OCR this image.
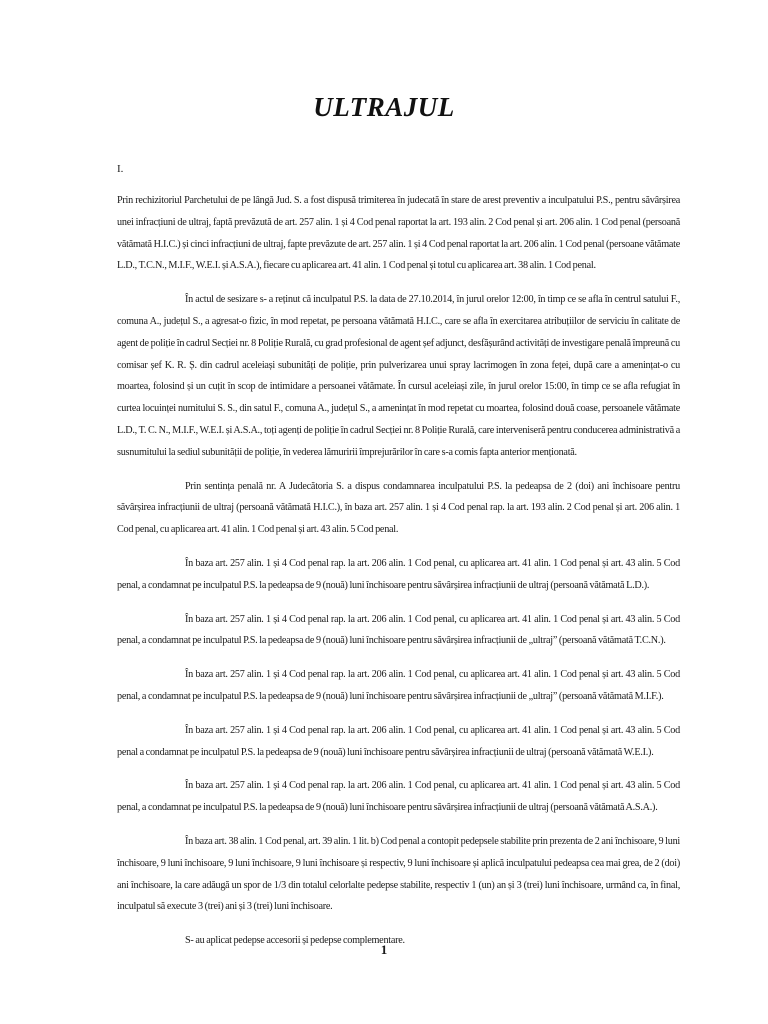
ULTRAJUL

I.

Prin rechizitoriul Parchetului de pe lângă Jud. S. a fost dispusă trimiterea în judecată în stare de arest preventiv a inculpatului P.S., pentru săvârșirea unei infracțiuni de ultraj, faptă prevăzută de art. 257 alin. 1 și 4 Cod penal raportat la art. 193 alin. 2 Cod penal și art. 206 alin. 1 Cod penal (persoană vătămată H.I.C.) și cinci infracțiuni de ultraj, fapte prevăzute de art. 257 alin. 1 și 4 Cod penal raportat la art. 206 alin. 1 Cod penal (persoane vătămate L.D., T.C.N., M.I.F., W.E.I. și A.S.A.), fiecare cu aplicarea art. 41 alin. 1 Cod penal și totul cu aplicarea art. 38 alin. 1 Cod penal.

În actul de sesizare s- a reținut că inculpatul P.S. la data de 27.10.2014, în jurul orelor 12:00, în timp ce se afla în centrul satului F., comuna A., județul S., a agresat-o fizic, în mod repetat, pe persoana vătămată H.I.C., care se afla în exercitarea atribuțiilor de serviciu în calitate de agent de poliție în cadrul Secției nr. 8 Poliție Rurală, cu grad profesional de agent șef adjunct, desfășurând activități de investigare penală împreună cu comisar șef K. R. Ș. din cadrul aceleiași subunități de poliție, prin pulverizarea unui spray lacrimogen în zona feței, după care a amenințat-o cu moartea, folosind și un cuțit în scop de intimidare a persoanei vătămate. În cursul aceleiași zile, în jurul orelor 15:00, în timp ce se afla refugiat în curtea locuinței numitului S. S., din satul F., comuna A., județul S., a amenințat în mod repetat cu moartea, folosind două coase, persoanele vătămate L.D., T. C. N., M.I.F., W.E.I. și A.S.A., toți agenți de poliție în cadrul Secției nr. 8 Poliție Rurală, care interveniseră pentru conducerea administrativă a susnumitului la sediul subunității de poliție, în vederea lămuririi împrejurărilor în care s-a comis fapta anterior menționată.

Prin sentința penală nr. A Judecătoria S. a dispus condamnarea inculpatului P.S. la pedeapsa de 2 (doi) ani închisoare pentru săvârșirea infracțiunii de ultraj (persoană vătămată H.I.C.), în baza art. 257 alin. 1 și 4 Cod penal rap. la art. 193 alin. 2 Cod penal și art. 206 alin. 1 Cod penal, cu aplicarea art. 41 alin. 1 Cod penal și art. 43 alin. 5 Cod penal.

În baza art. 257 alin. 1 și 4 Cod penal rap. la art. 206 alin. 1 Cod penal, cu aplicarea art. 41 alin. 1 Cod penal și art. 43 alin. 5 Cod penal, a condamnat pe inculpatul P.S. la pedeapsa de 9 (nouă) luni închisoare pentru săvârșirea infracțiunii de ultraj (persoană vătămată L.D.).

În baza art. 257 alin. 1 și 4 Cod penal rap. la art. 206 alin. 1 Cod penal, cu aplicarea art. 41 alin. 1 Cod penal și art. 43 alin. 5 Cod penal, a condamnat pe inculpatul P.S. la pedeapsa de 9 (nouă) luni închisoare pentru săvârșirea infracțiunii de „ultraj” (persoană vătămată T.C.N.).

În baza art. 257 alin. 1 și 4 Cod penal rap. la art. 206 alin. 1 Cod penal, cu aplicarea art. 41 alin. 1 Cod penal și art. 43 alin. 5 Cod penal, a condamnat pe inculpatul P.S. la pedeapsa de 9 (nouă) luni închisoare pentru săvârșirea infracțiunii de „ultraj” (persoană vătămată M.I.F.).

În baza art. 257 alin. 1 și 4 Cod penal rap. la art. 206 alin. 1 Cod penal, cu aplicarea art. 41 alin. 1 Cod penal și art. 43 alin. 5 Cod penal a condamnat pe inculpatul P.S. la pedeapsa de 9 (nouă) luni închisoare pentru săvârșirea infracțiunii de ultraj (persoană vătămată W.E.I.).

În baza art. 257 alin. 1 și 4 Cod penal rap. la art. 206 alin. 1 Cod penal, cu aplicarea art. 41 alin. 1 Cod penal și art. 43 alin. 5 Cod penal, a condamnat pe inculpatul P.S. la pedeapsa de 9 (nouă) luni închisoare pentru săvârșirea infracțiunii de ultraj (persoană vătămată A.S.A.).

În baza art. 38 alin. 1 Cod penal, art. 39 alin. 1 lit. b) Cod penal a contopit pedepsele stabilite prin prezenta de 2 ani închisoare, 9 luni închisoare, 9 luni închisoare, 9 luni închisoare, 9 luni închisoare și respectiv, 9 luni închisoare și aplică inculpatului pedeapsa cea mai grea, de 2 (doi) ani închisoare, la care adăugă un spor de 1/3 din totalul celorlalte pedepse stabilite, respectiv 1 (un) an și 3 (trei) luni închisoare, urmând ca, în final, inculpatul să execute 3 (trei) ani și 3 (trei) luni închisoare.

S- au aplicat pedepse accesorii și pedepse complementare.

1
